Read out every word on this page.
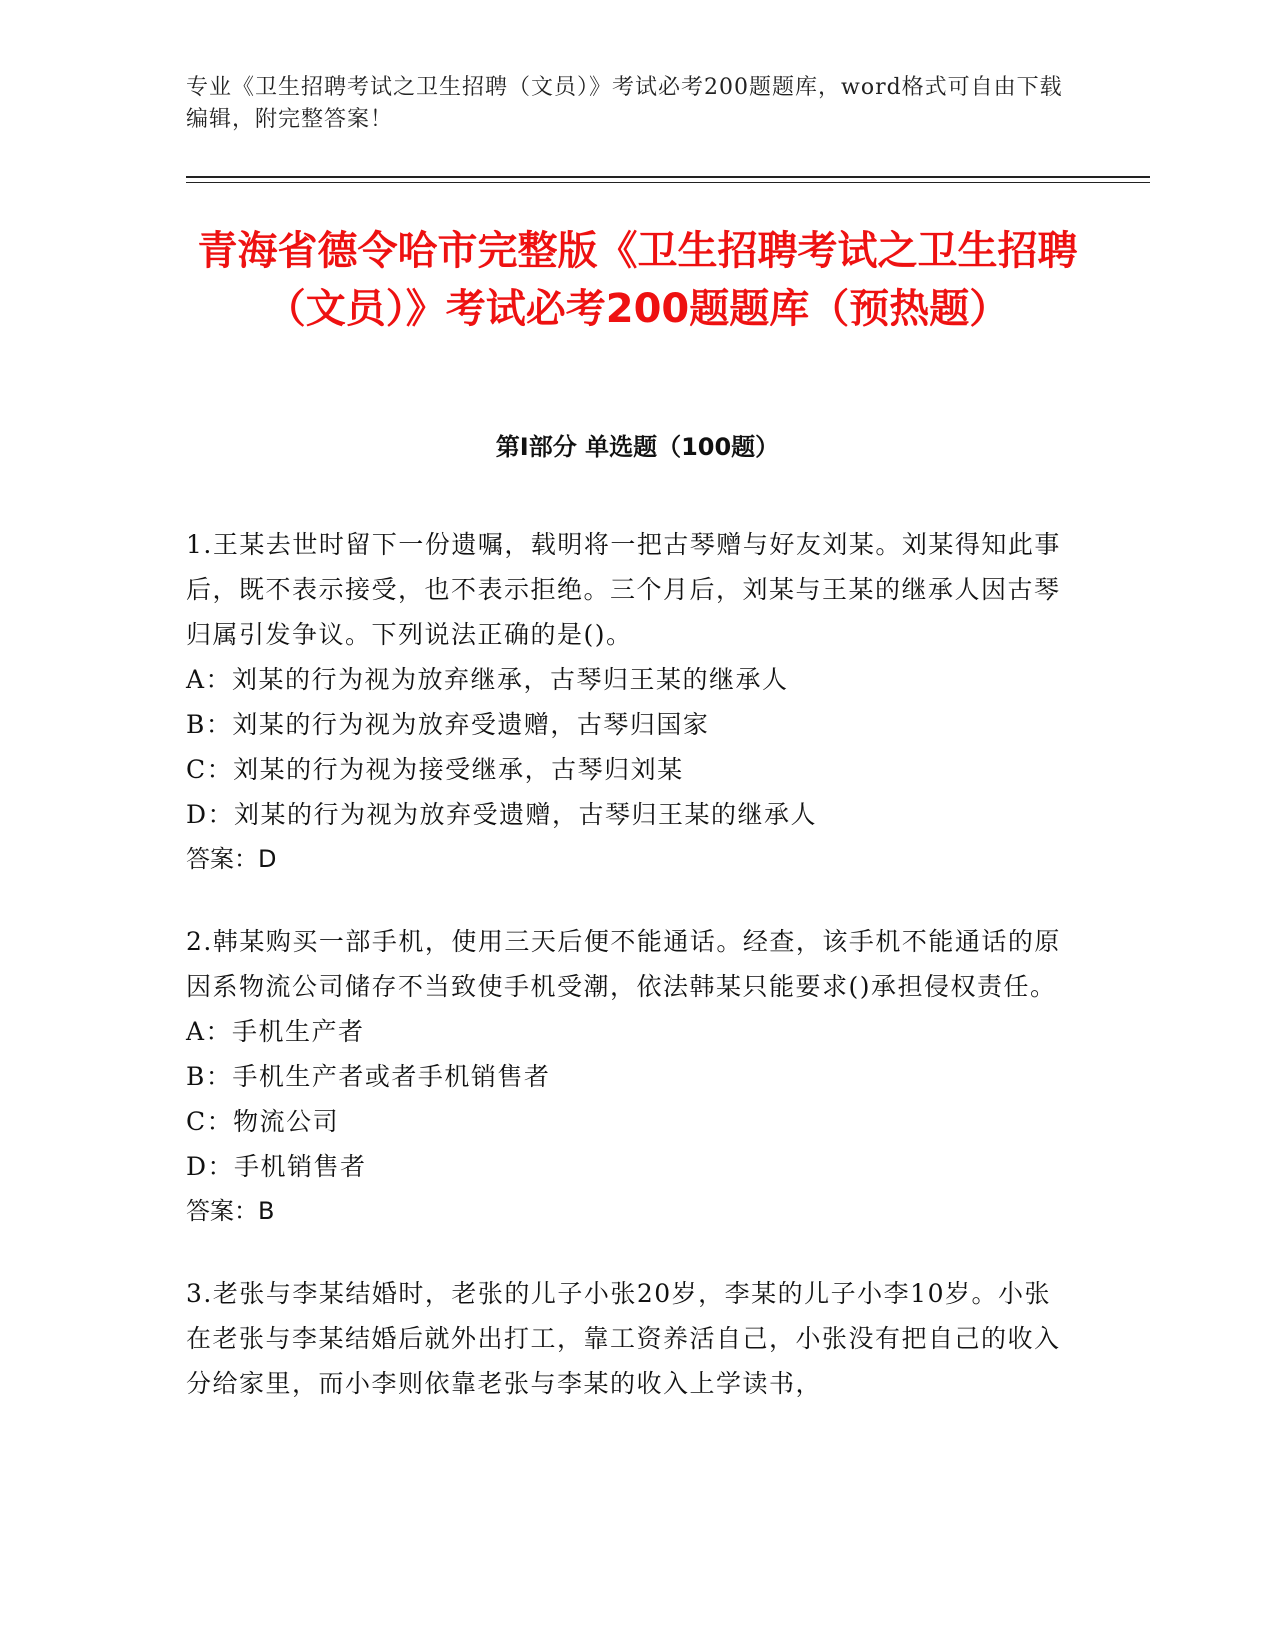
专业《卫生招聘考试之卫生招聘（文员）》考试必考200题题库，word格式可自由下载编辑，附完整答案！
青海省德令哈市完整版《卫生招聘考试之卫生招聘（文员）》考试必考200题题库（预热题）
第I部分 单选题（100题）

1.王某去世时留下一份遗嘱，载明将一把古琴赠与好友刘某。刘某得知此事后，既不表示接受，也不表示拒绝。三个月后，刘某与王某的继承人因古琴归属引发争议。下列说法正确的是()。

A：刘某的行为视为放弃继承，古琴归王某的继承人

B：刘某的行为视为放弃受遗赠，古琴归国家

C：刘某的行为视为接受继承，古琴归刘某

D：刘某的行为视为放弃受遗赠，古琴归王某的继承人

答案：D

2.韩某购买一部手机，使用三天后便不能通话。经查，该手机不能通话的原因系物流公司储存不当致使手机受潮，依法韩某只能要求()承担侵权责任。

A：手机生产者

B：手机生产者或者手机销售者

C：物流公司

D：手机销售者

答案：B

3.老张与李某结婚时，老张的儿子小张20岁，李某的儿子小李10岁。小张在老张与李某结婚后就外出打工，靠工资养活自己，小张没有把自己的收入分给家里，而小李则依靠老张与李某的收入上学读书，
